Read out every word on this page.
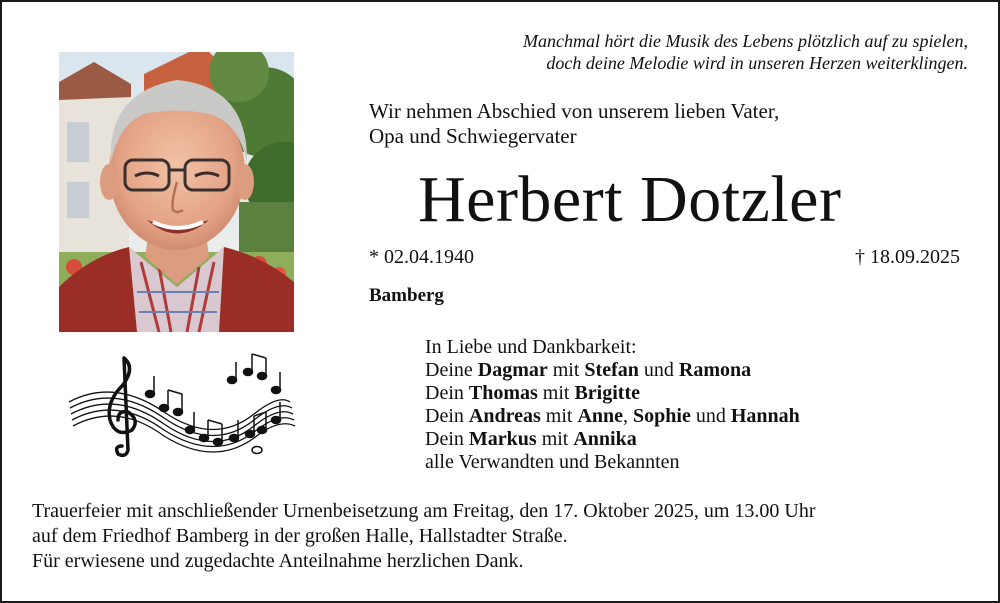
Manchmal hört die Musik des Lebens plötzlich auf zu spielen,
doch deine Melodie wird in unseren Herzen weiterklingen.
Wir nehmen Abschied von unserem lieben Vater,
Opa und Schwiegervater
Herbert Dotzler
* 02.04.1940	† 18.09.2025
Bamberg
In Liebe und Dankbarkeit:
Deine Dagmar mit Stefan und Ramona
Dein Thomas mit Brigitte
Dein Andreas mit Anne, Sophie und Hannah
Dein Markus mit Annika
alle Verwandten und Bekannten
Trauerfeier mit anschließender Urnenbeisetzung am Freitag, den 17. Oktober 2025, um 13.00 Uhr
auf dem Friedhof Bamberg in der großen Halle, Hallstadter Straße.
Für erwiesene und zugedachte Anteilnahme herzlichen Dank.
